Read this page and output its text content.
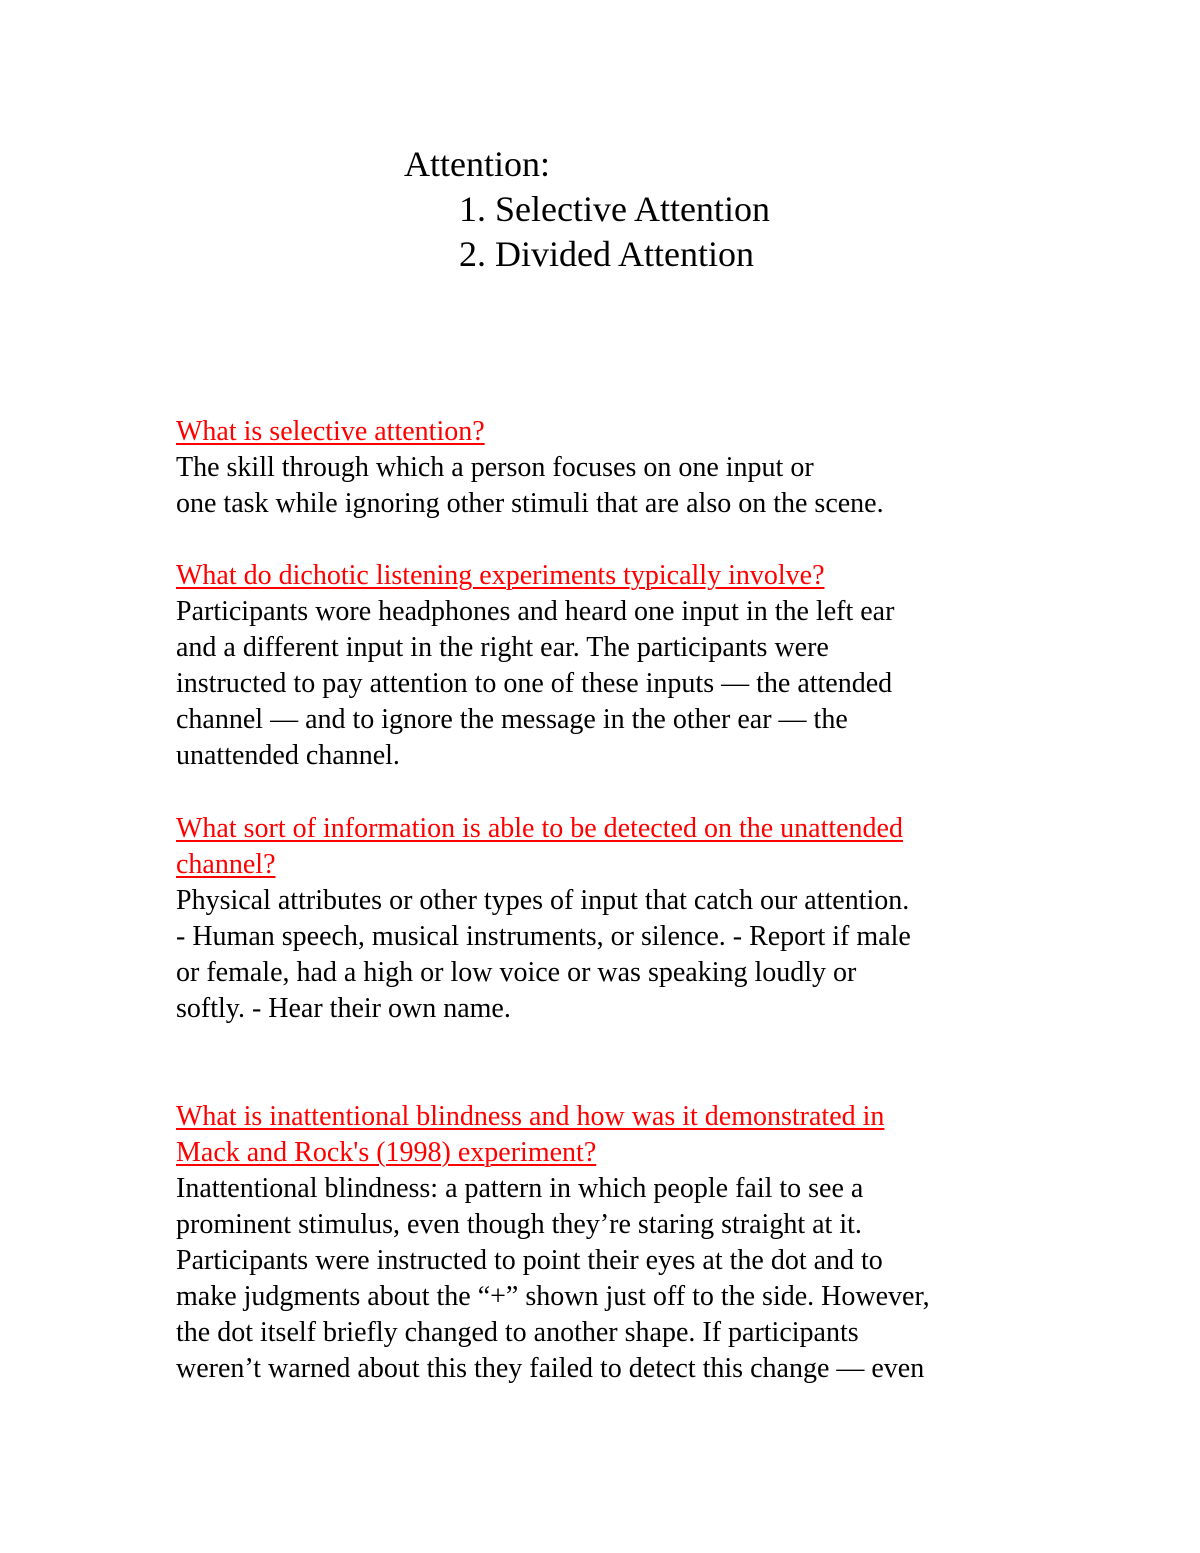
Attention:
1. Selective Attention
2. Divided Attention
What is selective attention?
The skill through which a person focuses on one input or
one task while ignoring other stimuli that are also on the scene.
What do dichotic listening experiments typically involve?
Participants wore headphones and heard one input in the left ear
and a different input in the right ear. The participants were
instructed to pay attention to one of these inputs — the attended
channel — and to ignore the message in the other ear — the
unattended channel.
What sort of information is able to be detected on the unattended
channel?
Physical attributes or other types of input that catch our attention.
- Human speech, musical instruments, or silence. - Report if male
or female, had a high or low voice or was speaking loudly or
softly. - Hear their own name.
What is inattentional blindness and how was it demonstrated in
Mack and Rock's (1998) experiment?
Inattentional blindness: a pattern in which people fail to see a
prominent stimulus, even though they’re staring straight at it.
Participants were instructed to point their eyes at the dot and to
make judgments about the “+” shown just off to the side. However,
the dot itself briefly changed to another shape. If participants
weren’t warned about this they failed to detect this change — even
